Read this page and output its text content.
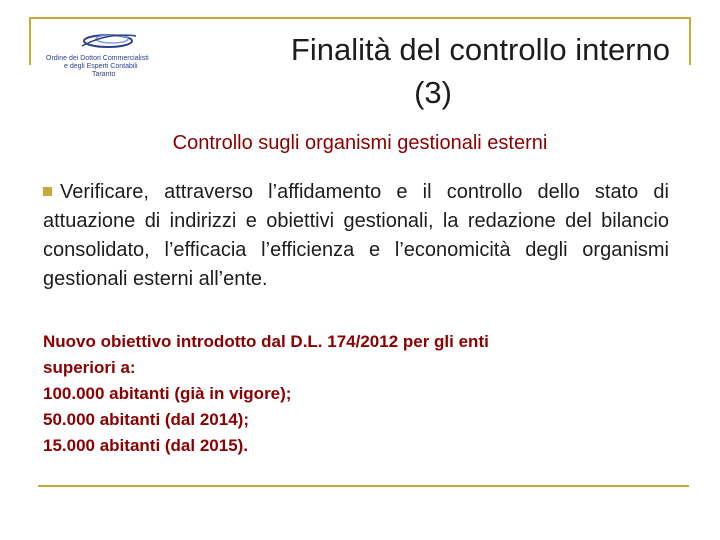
Ordine dei Dottori Commercialisti
e degli Esperti Contabili
Taranto
Finalità del controllo interno
(3)
Controllo sugli organismi gestionali esterni
Verificare, attraverso l’affidamento e il controllo dello stato di attuazione di indirizzi e obiettivi gestionali, la redazione del bilancio consolidato, l’efficacia l’efficienza e l’economicità degli organismi gestionali esterni all’ente.
Nuovo obiettivo introdotto dal D.L. 174/2012 per gli enti
superiori a:
100.000 abitanti (già in vigore);
50.000 abitanti (dal 2014);
15.000 abitanti (dal 2015).
